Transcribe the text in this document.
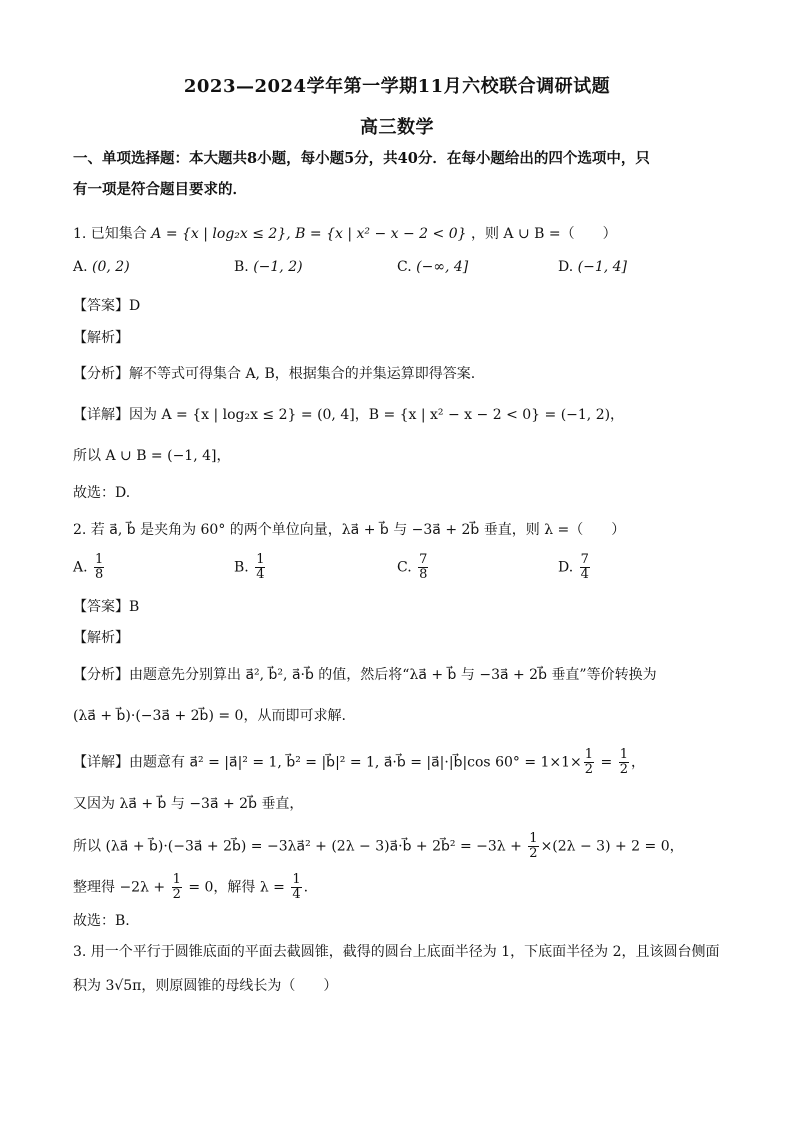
2023—2024学年第一学期11月六校联合调研试题
高三数学
一、单项选择题：本大题共8小题，每小题5分，共40分．在每小题给出的四个选项中，只
有一项是符合题目要求的．
1. 已知集合 A = {x | log₂x ≤ 2}, B = {x | x² − x − 2 < 0} ，则 A ∪ B =（　　）
A. (0, 2)	B. (−1, 2)	C. (−∞, 4]	D. (−1, 4]
【答案】D
【解析】
【分析】解不等式可得集合 A, B，根据集合的并集运算即得答案.
【详解】因为 A = {x | log₂x ≤ 2} = (0, 4]，B = {x | x² − x − 2 < 0} = (−1, 2)，
所以 A ∪ B = (−1, 4]，
故选：D.
2. 若 a⃗, b⃗ 是夹角为 60° 的两个单位向量，λa⃗ + b⃗ 与 −3a⃗ + 2b⃗ 垂直，则 λ =（　　）
A. $\frac{1}{8}$	B. $\frac{1}{4}$	C. $\frac{7}{8}$	D. $\frac{7}{4}$
【答案】B
【解析】
【分析】由题意先分别算出 a⃗², b⃗², a⃗·b⃗ 的值，然后将“λa⃗ + b⃗ 与 −3a⃗ + 2b⃗ 垂直”等价转换为
(λa⃗ + b⃗)·(−3a⃗ + 2b⃗) = 0，从而即可求解.
【详解】由题意有 a⃗² = |a⃗|² = 1, b⃗² = |b⃗|² = 1, a⃗·b⃗ = |a⃗|·|b⃗|cos $60^\circ = 1\times 1\times \frac{1}{2} = \frac{1}{2}$ ，
又因为 λa⃗ + b⃗ 与 −3a⃗ + 2b⃗ 垂直，
所以 (λa⃗ + b⃗)·(−3a⃗ + 2b⃗) = −3λa⃗² + (2λ − 3)a⃗·b⃗ + 2b⃗² = $-3\lambda + \frac{1}{2} \times(2\lambda - 3) + 2 = 0$，
整理得 $-2\lambda + \frac{1}{2} = 0$，解得 $\lambda = \frac{1}{4}$ .
故选：B.
3. 用一个平行于圆锥底面的平面去截圆锥，截得的圆台上底面半径为 1，下底面半径为 2，且该圆台侧面
积为 3√5π，则原圆锥的母线长为（　　）
